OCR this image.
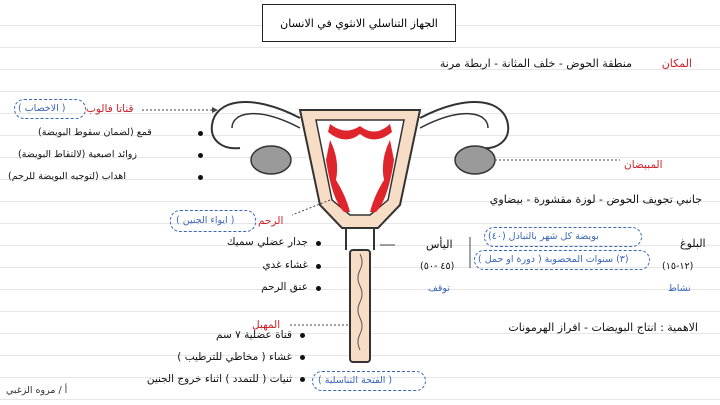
الجهاز التناسلي الانثوي في الانسان
المكان
منطقة الحوض - خلف المثانة - اربطة مرنة
قناتا فالوب
( الاخصاب )
قمع (لضمان سقوط البويضة)
زوائد اصبعية (لالتقاط البويضة)
اهداب (لتوجيه البويضة للرحم)
المبيضان
جانبي تجويف الحوض - لوزة مقشورة - بيضاوي
الرحم
( ايواء الجنين )
جدار عضلي سميك
غشاء غدي
عنق الرحم
البلوغ
(١٢-١٥)
نشاط
بويضة كل شهر بالتبادل (٤٠)
(٣) سنوات المحصوبة ( دورة او حمل )
اليأس
(٤٥ -٥٠)
توقف
المهبل
قناة عضلية ٧ سم
غشاء ( مخاطي للترطيب )
ثنيات ( للتمدد ) اثناء خروج الجنين	( الفتحة التناسلية )
الاهمية : انتاج البويضات - افراز الهرمونات
أ / مروه الزغبي
